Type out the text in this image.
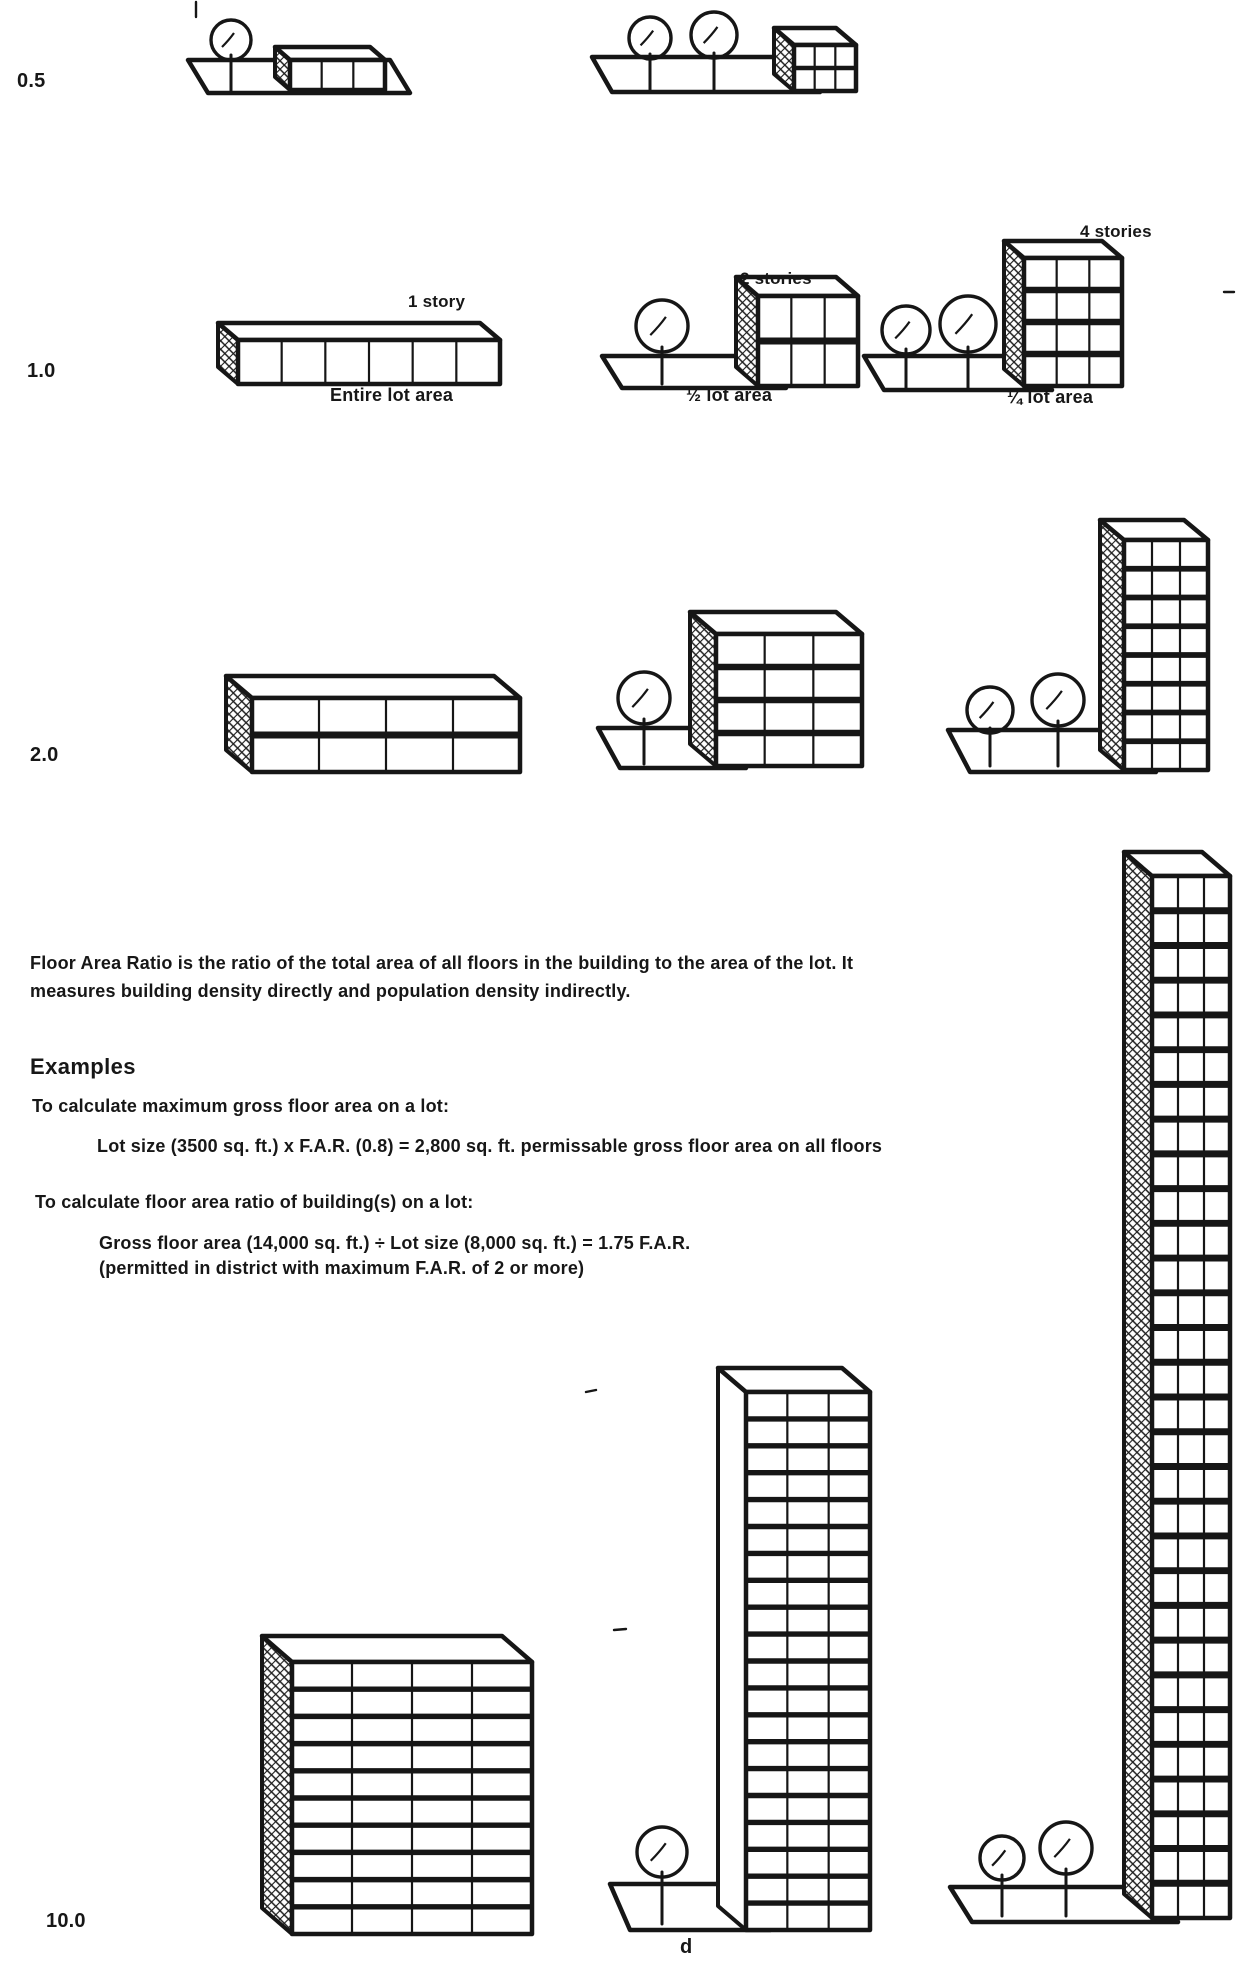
0.5
1.0
2.0
10.0
1 story
2 stories
4 stories
Entire lot area	½ lot area	¼ lot area
Floor Area Ratio is the ratio of the total area of all floors in the building to the area of the lot. It
measures building density directly and population density indirectly.
Examples
To calculate maximum gross floor area on a lot:
Lot size (3500 sq. ft.) x F.A.R. (0.8) = 2,800 sq. ft. permissable gross floor area on all floors
To calculate floor area ratio of building(s) on a lot:
Gross floor area (14,000 sq. ft.) ÷ Lot size (8,000 sq. ft.) = 1.75 F.A.R.
(permitted in district with maximum F.A.R. of 2 or more)
d
